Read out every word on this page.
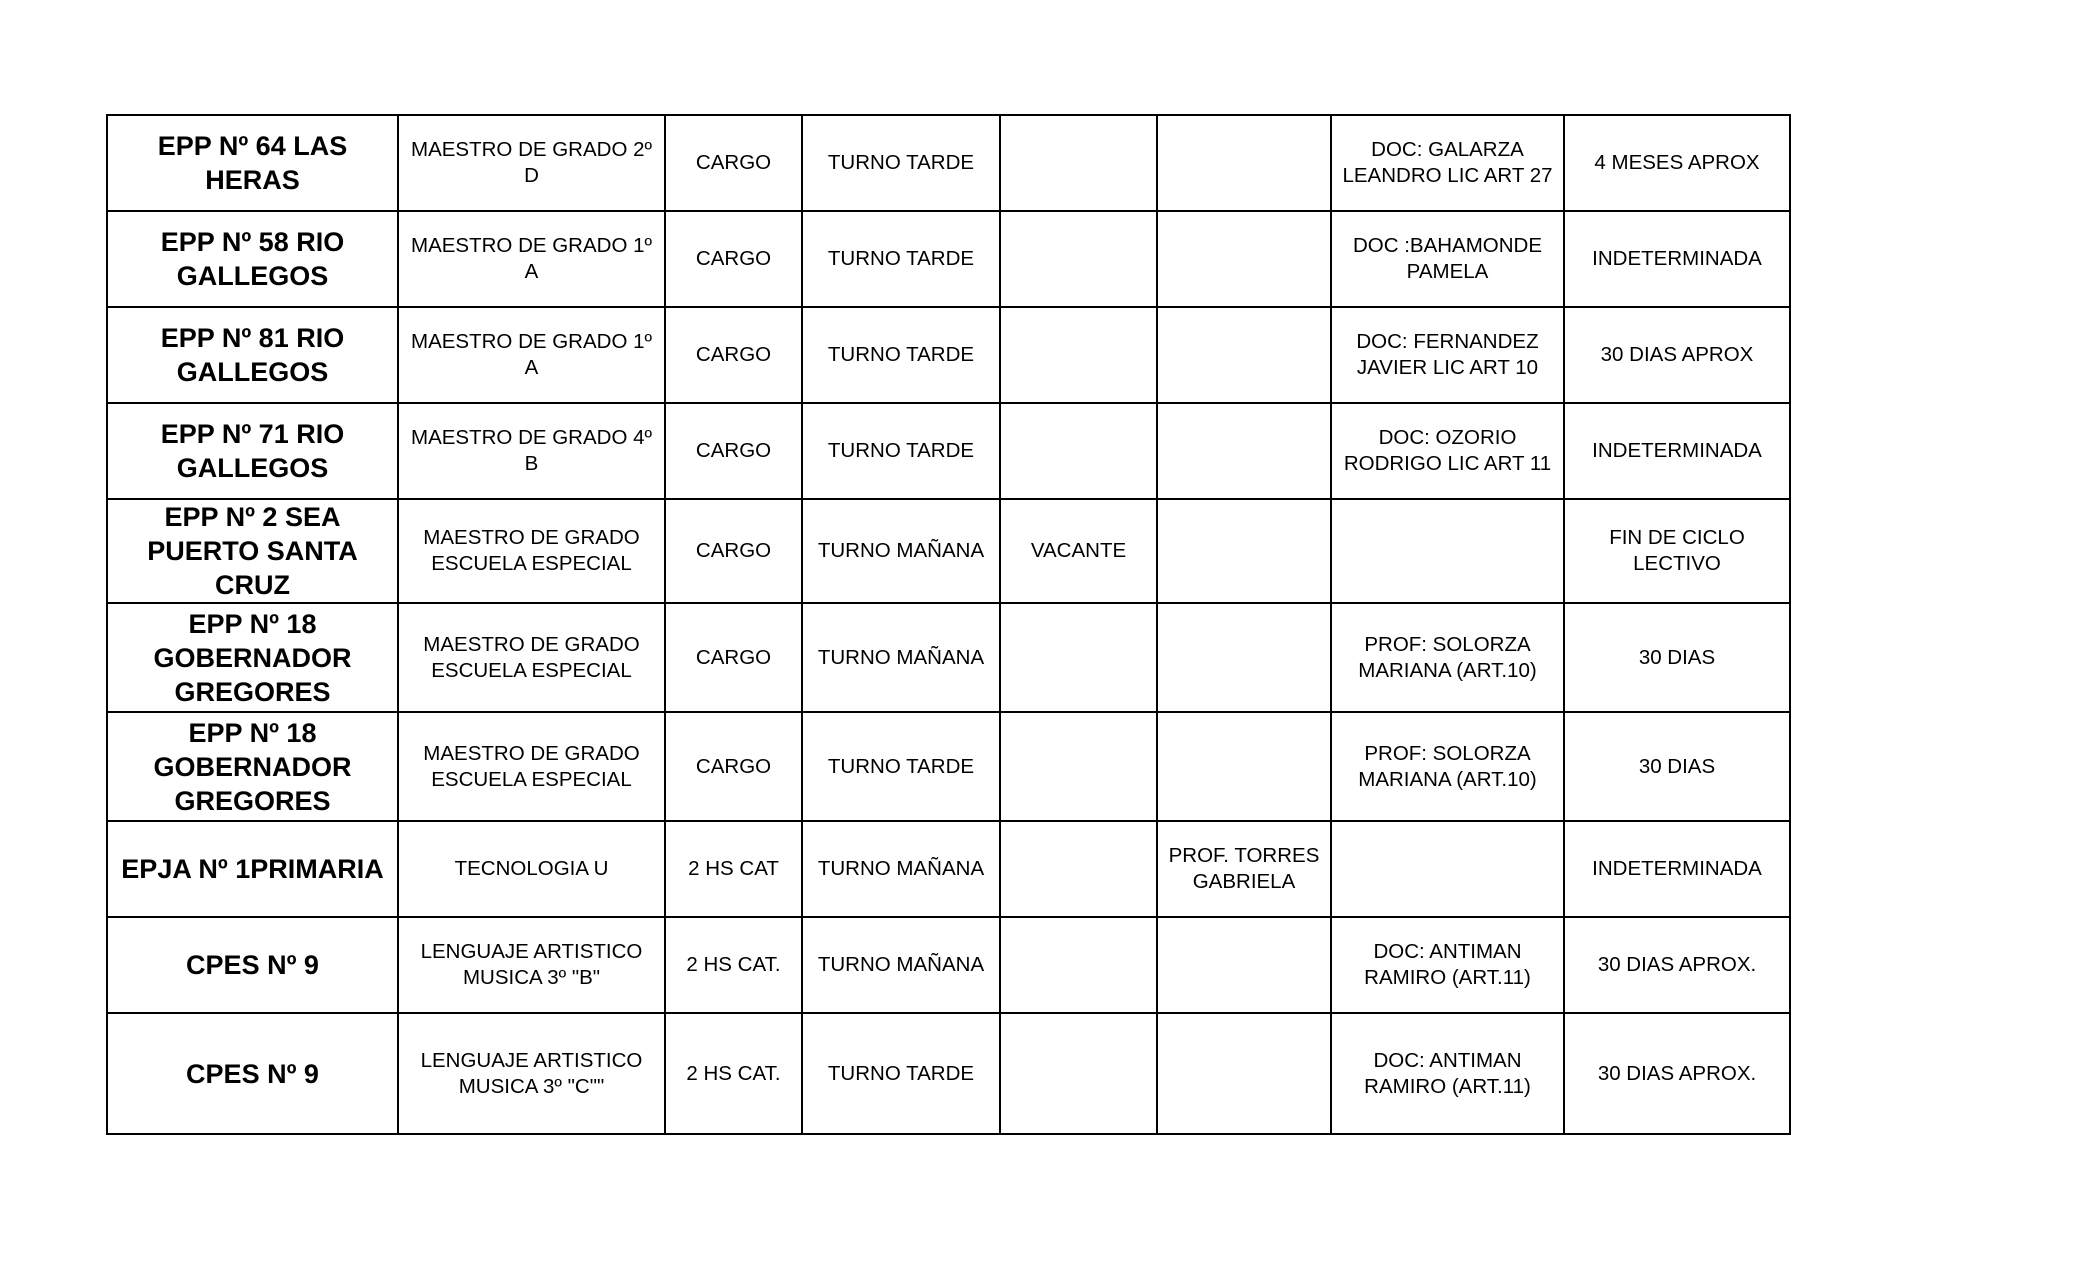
EPP Nº 64 LAS HERAS	MAESTRO DE GRADO 2º D	CARGO	TURNO TARDE			DOC: GALARZA LEANDRO LIC ART 27	4 MESES APROX
EPP Nº 58 RIO GALLEGOS	MAESTRO DE GRADO 1º A	CARGO	TURNO TARDE			DOC :BAHAMONDE PAMELA	INDETERMINADA
EPP Nº 81 RIO GALLEGOS	MAESTRO DE GRADO 1º A	CARGO	TURNO TARDE			DOC: FERNANDEZ JAVIER LIC ART 10	30 DIAS APROX
EPP Nº 71 RIO GALLEGOS	MAESTRO DE GRADO 4º B	CARGO	TURNO TARDE			DOC: OZORIO RODRIGO LIC ART 11	INDETERMINADA
EPP Nº 2 SEA PUERTO SANTA CRUZ	MAESTRO DE GRADO ESCUELA ESPECIAL	CARGO	TURNO MAÑANA	VACANTE			FIN DE CICLO LECTIVO
EPP Nº 18 GOBERNADOR GREGORES	MAESTRO DE GRADO ESCUELA ESPECIAL	CARGO	TURNO MAÑANA			PROF: SOLORZA MARIANA (ART.10)	30 DIAS
EPP Nº 18 GOBERNADOR GREGORES	MAESTRO DE GRADO ESCUELA ESPECIAL	CARGO	TURNO TARDE			PROF: SOLORZA MARIANA (ART.10)	30 DIAS
EPJA Nº 1PRIMARIA	TECNOLOGIA U	2 HS CAT	TURNO MAÑANA		PROF. TORRES GABRIELA		INDETERMINADA
CPES Nº 9	LENGUAJE ARTISTICO MUSICA 3º "B"	2 HS CAT.	TURNO MAÑANA			DOC: ANTIMAN RAMIRO (ART.11)	30 DIAS APROX.
CPES Nº 9	LENGUAJE ARTISTICO MUSICA 3º "C""	2 HS CAT.	TURNO TARDE			DOC: ANTIMAN RAMIRO (ART.11)	30 DIAS APROX.
